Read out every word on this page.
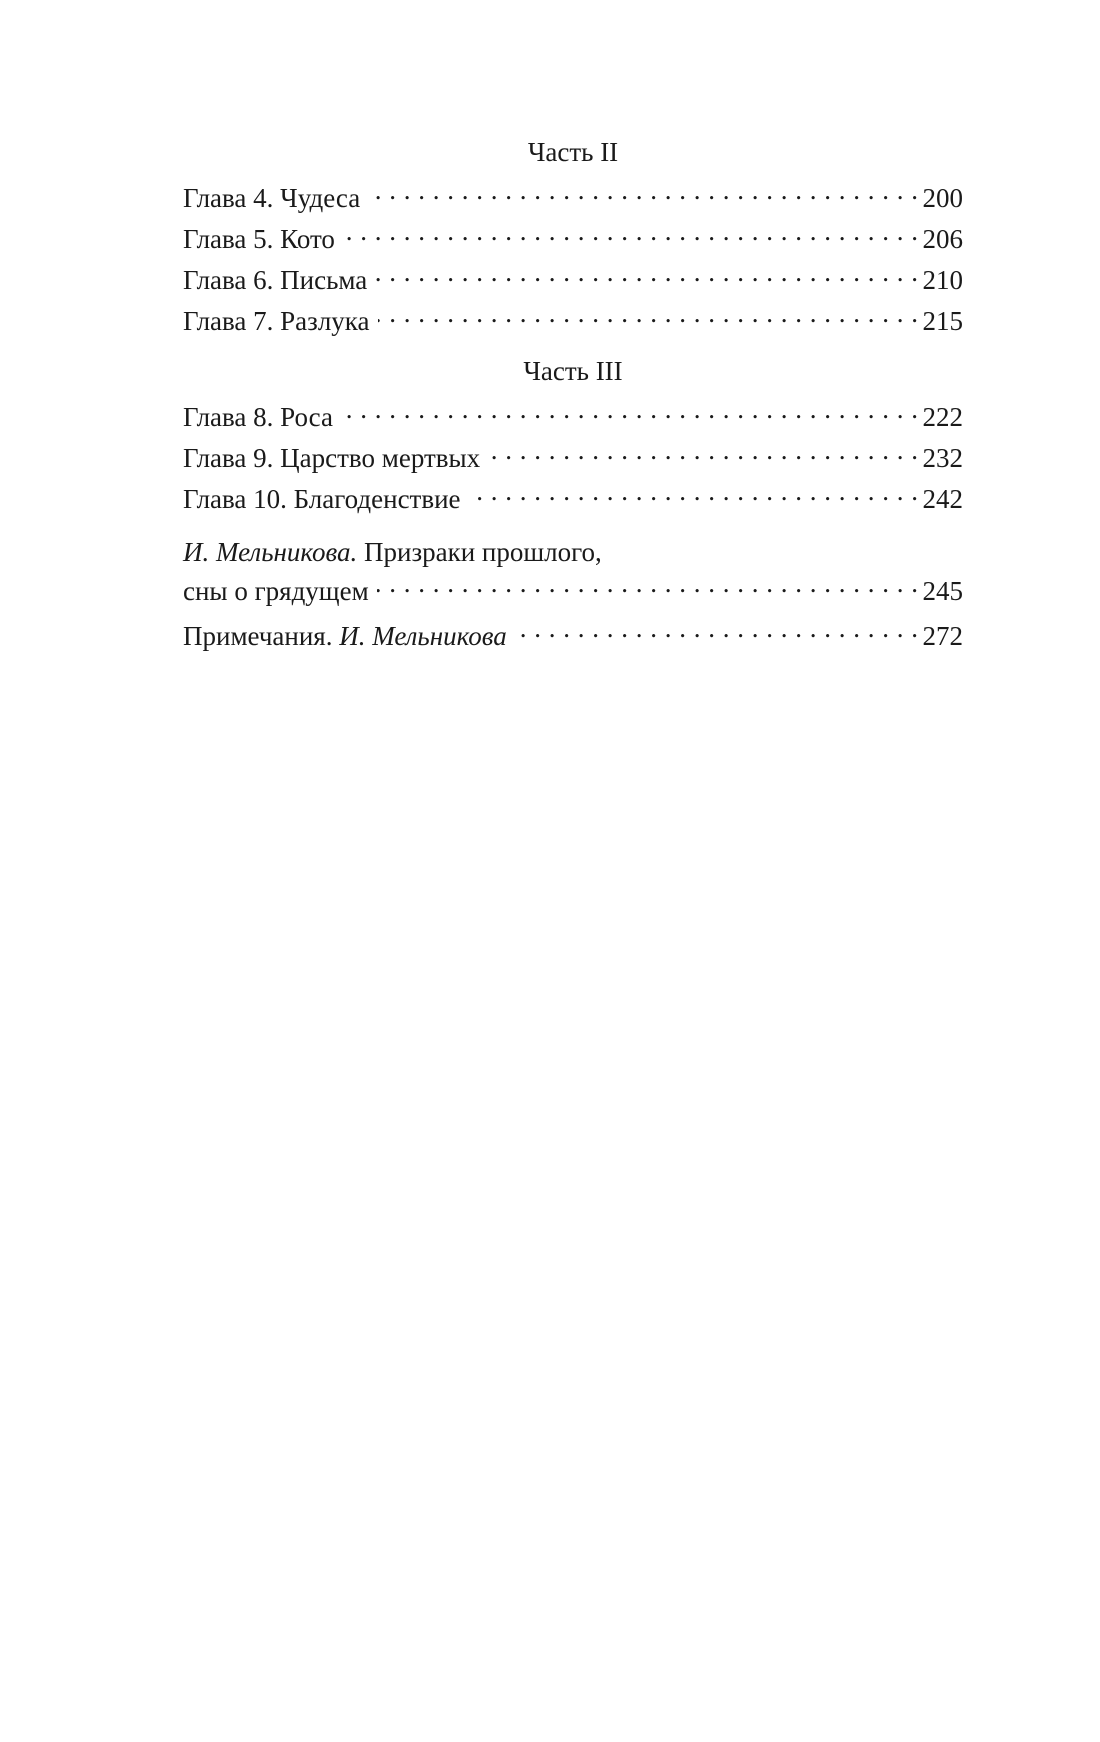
Часть II
Глава 4. Чудеса . . .	200
Глава 5. Кото . . .	206
Глава 6. Письма . . .	210
Глава 7. Разлука . . .	215
Часть III
Глава 8. Роса . . .	222
Глава 9. Царство мертвых . . .	232
Глава 10. Благоденствие . . .	242
И. Мельникова. Призраки прошлого,
сны о грядущем . . .	245
Примечания. И. Мельникова . . .	272
